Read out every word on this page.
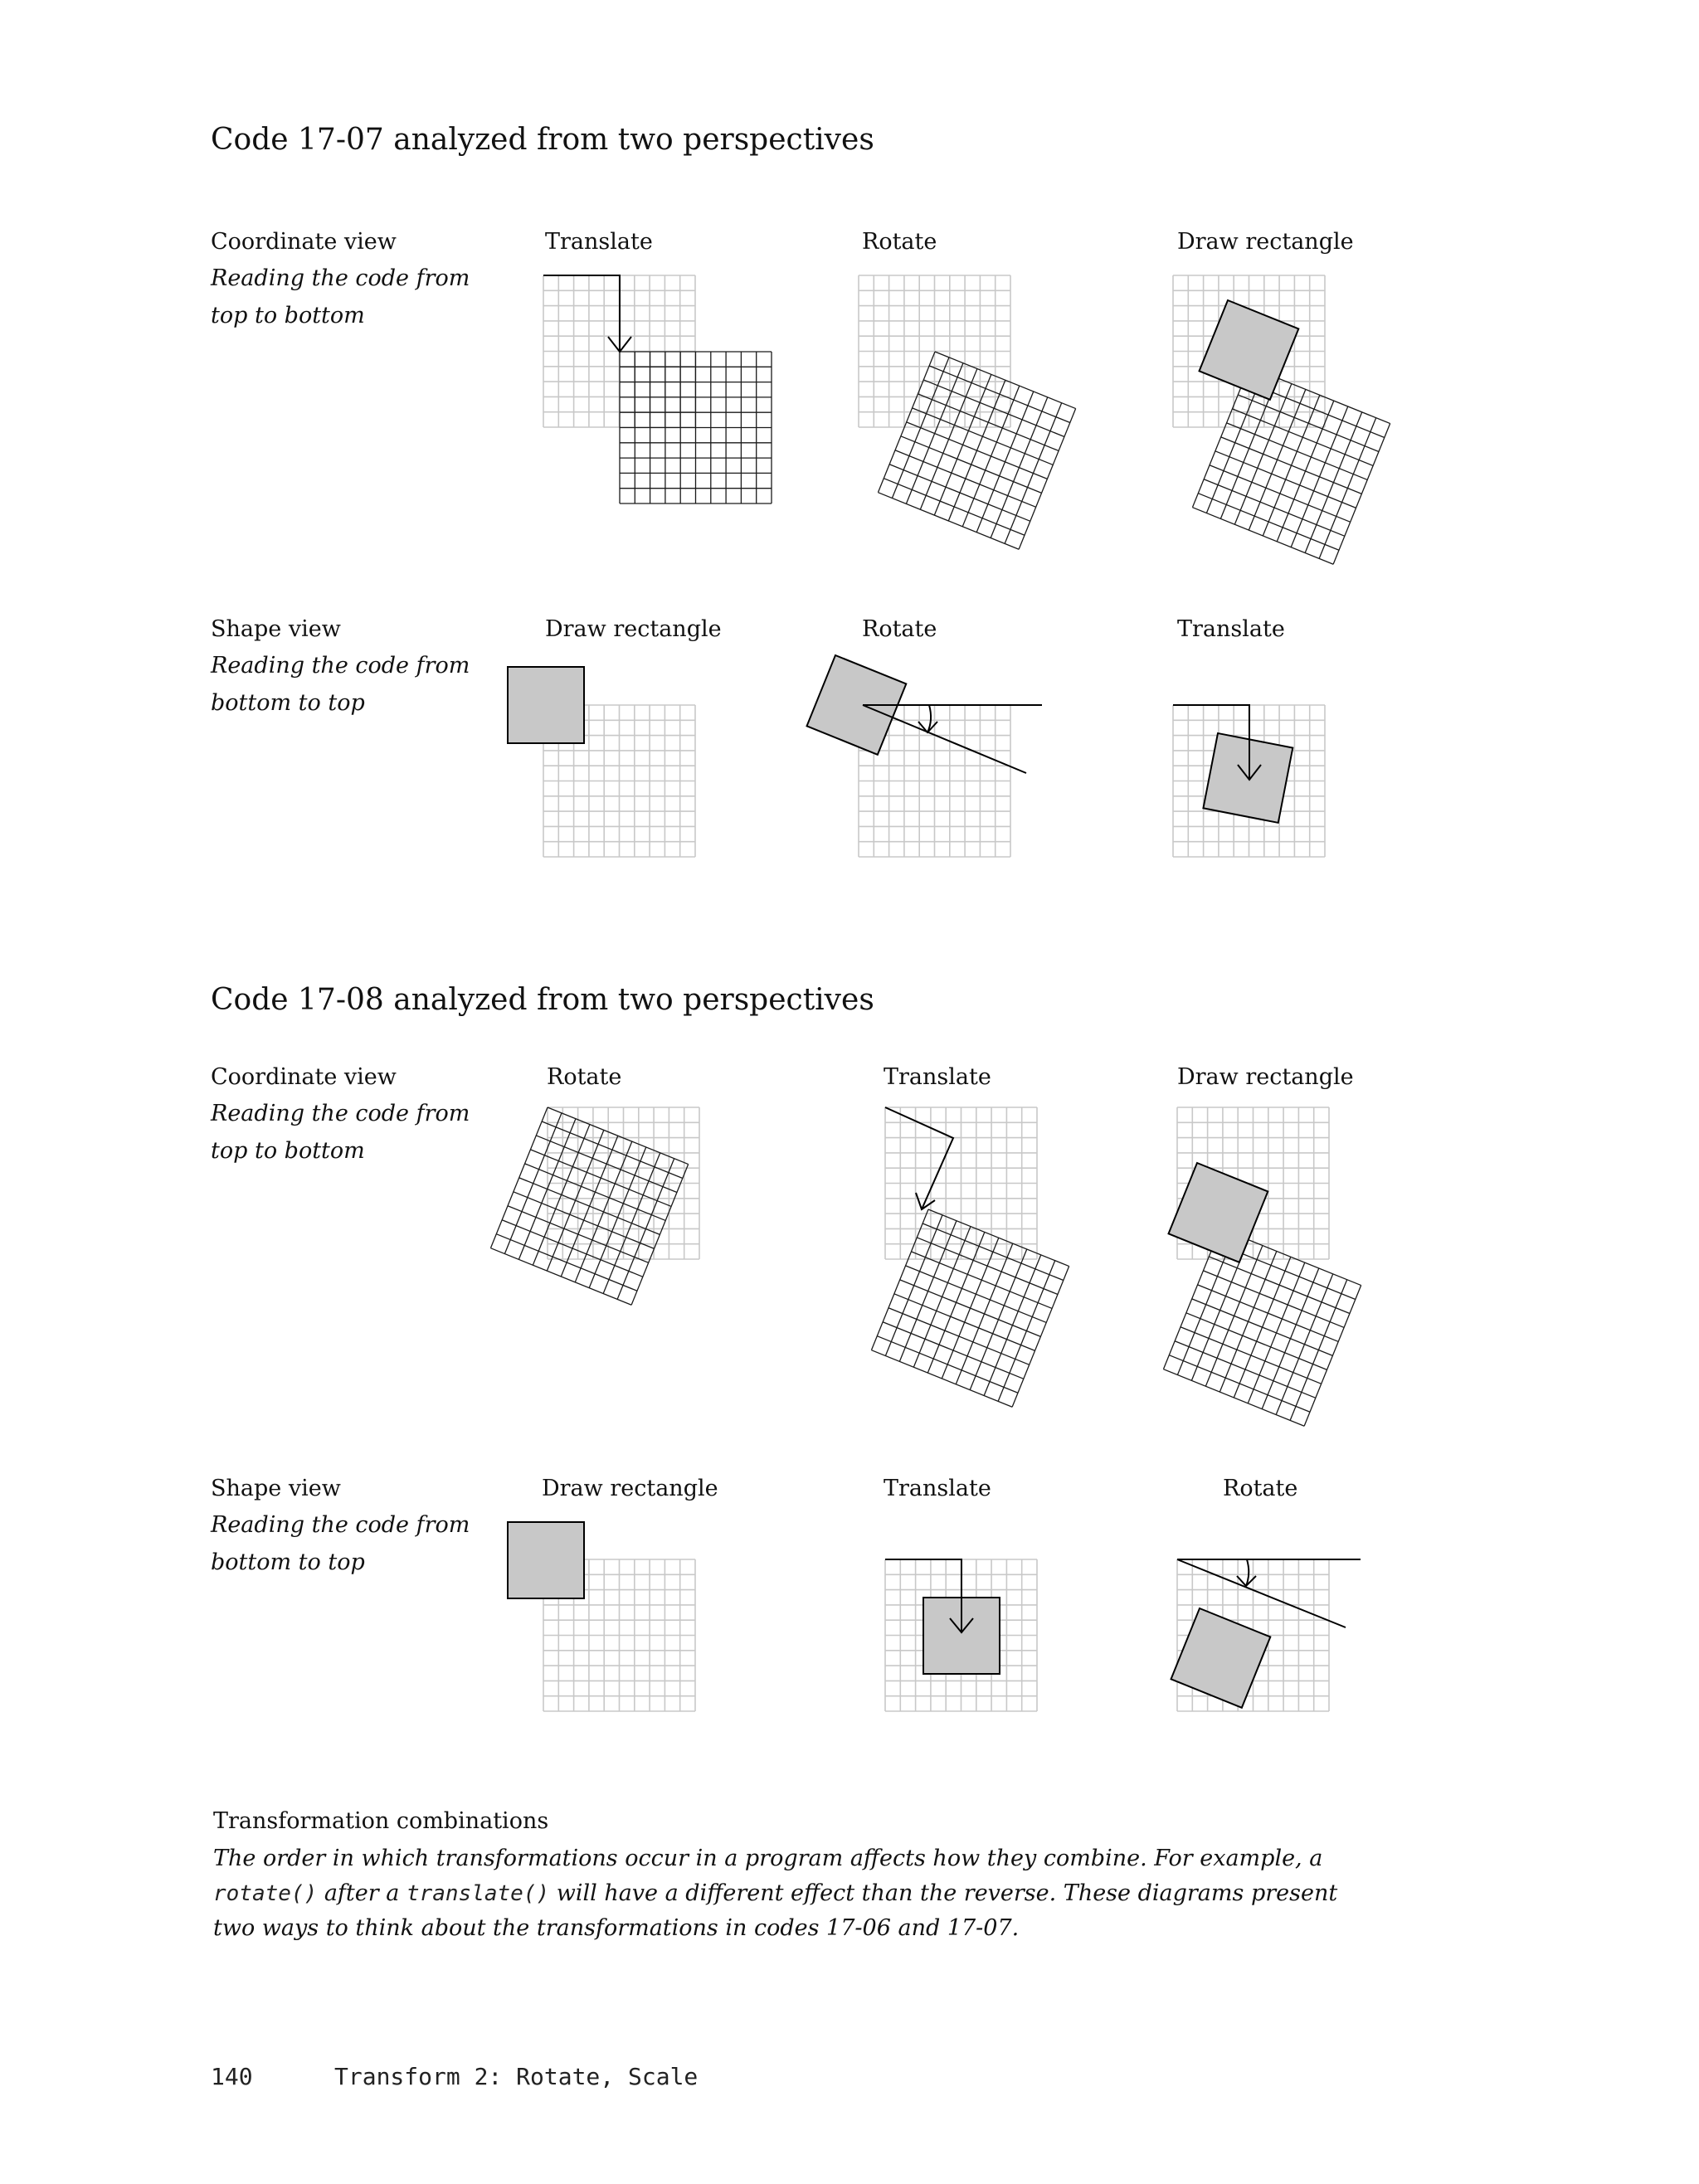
Code 17-07 analyzed from two perspectives
Coordinate view
Reading the code from
top to bottom
Translate	Rotate	Draw rectangle
Shape view
Reading the code from
bottom to top
Draw rectangle	Rotate	Translate
Code 17-08 analyzed from two perspectives
Coordinate view
Reading the code from
top to bottom
Rotate	Translate	Draw rectangle
Shape view
Reading the code from
bottom to top
Draw rectangle	Translate	Rotate
Transformation combinations
The order in which transformations occur in a program affects how they combine. For example, a rotate() after a translate() will have a different effect than the reverse. These diagrams present two ways to think about the transformations in codes 17-06 and 17-07.
140	Transform 2: Rotate, Scale
